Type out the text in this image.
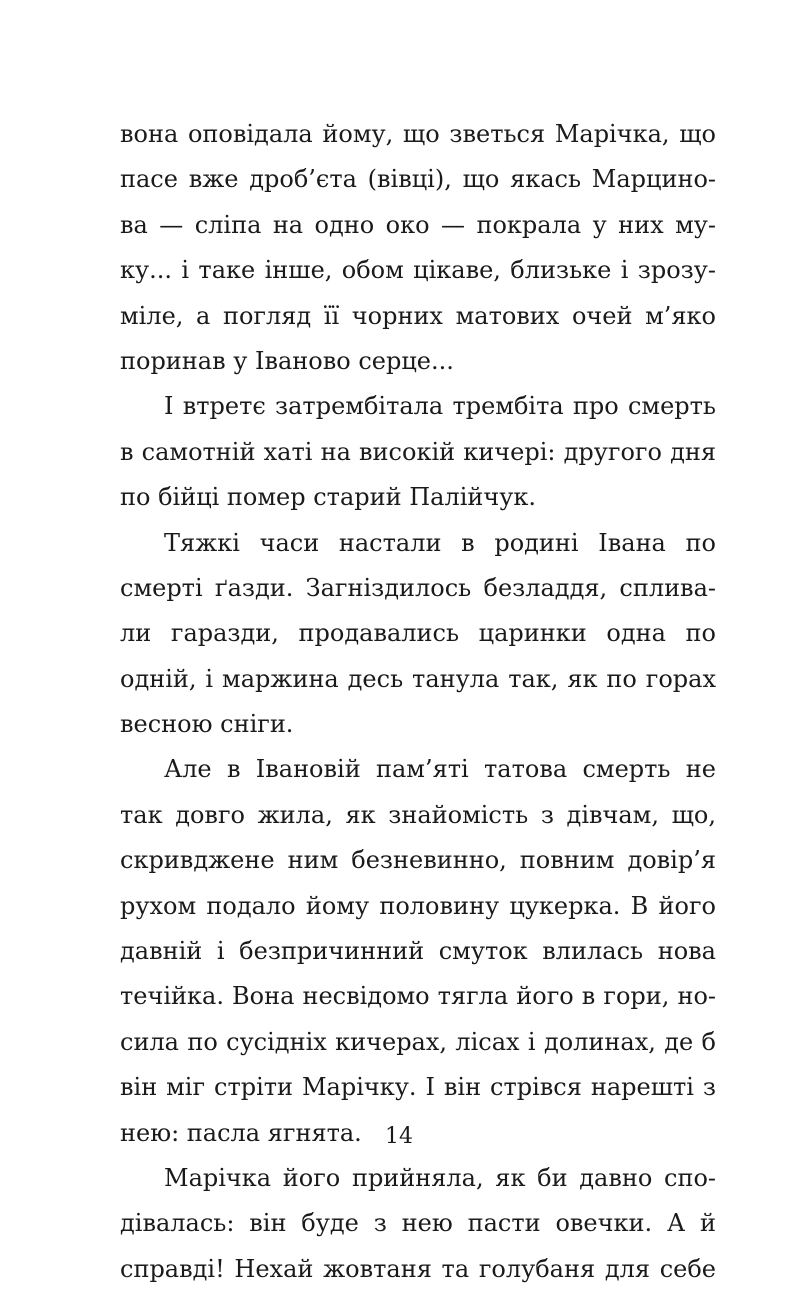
вона оповідала йому, що зветься Марічка, що
пасе вже дроб’єта (вівці), що якась Марцино-
ва — сліпа на одно око — покрала у них му-
ку... і таке інше, обом цікаве, близьке і зрозу-
міле, а погляд її чорних матових очей м’яко
поринав у Іваново серце...
І втретє затрембітала трембіта про смерть
в самотній хаті на високій кичері: другого дня
по бійці помер старий Палійчук.
Тяжкі часи настали в родині Івана по
смерті ґазди. Загніздилось безладдя, сплива-
ли гаразди, продавались царинки одна по
одній, і маржина десь танула так, як по горах
весною сніги.
Але в Івановій пам’яті татова смерть не
так довго жила, як знайомість з дівчам, що,
скривджене ним безневинно, повним довір’я
рухом подало йому половину цукерка. В його
давній і безпричинний смуток влилась нова
течійка. Вона несвідомо тягла його в гори, но-
сила по сусідніх кичерах, лісах і долинах, де б
він міг стріти Марічку. І він стрівся нарешті з
нею: пасла ягнята.
Марічка його прийняла, як би давно спо-
дівалась: він буде з нею пасти овечки. А й
справді! Нехай жовтаня та голубаня для себе
14
